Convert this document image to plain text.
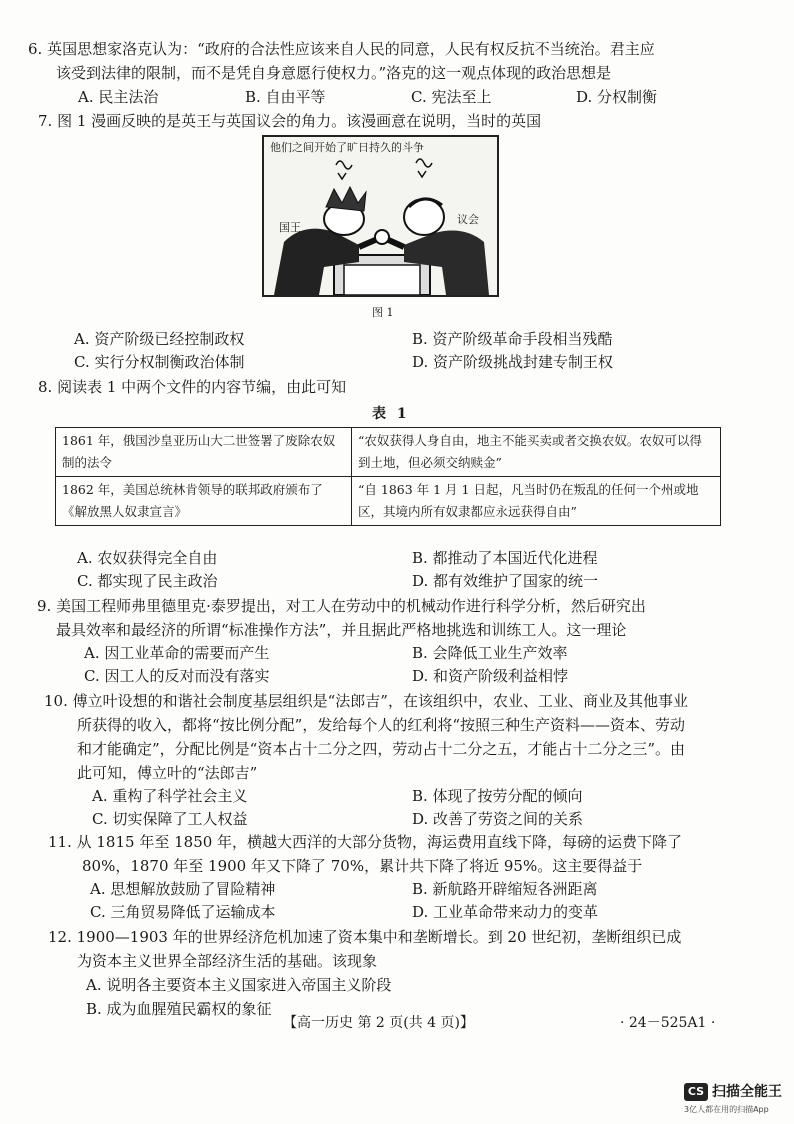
6. 英国思想家洛克认为：“政府的合法性应该来自人民的同意，人民有权反抗不当统治。君主应
该受到法律的限制，而不是凭自身意愿行使权力。”洛克的这一观点体现的政治思想是
A. 民主法治	B. 自由平等	C. 宪法至上	D. 分权制衡
7. 图 1 漫画反映的是英王与英国议会的角力。该漫画意在说明，当时的英国
他们之间开始了旷日持久的斗争
国王
议会
图 1
A. 资产阶级已经控制政权	B. 资产阶级革命手段相当残酷
C. 实行分权制衡政治体制	D. 资产阶级挑战封建专制王权
8. 阅读表 1 中两个文件的内容节编，由此可知
表 1
1861 年，俄国沙皇亚历山大二世签署了废除农奴制的法令	“农奴获得人身自由，地主不能买卖或者交换农奴。农奴可以得到土地，但必须交纳赎金”
1862 年，美国总统林肯领导的联邦政府颁布了《解放黑人奴隶宣言》	“自 1863 年 1 月 1 日起，凡当时仍在叛乱的任何一个州或地区，其境内所有奴隶都应永远获得自由”
A. 农奴获得完全自由	B. 都推动了本国近代化进程
C. 都实现了民主政治	D. 都有效维护了国家的统一
9. 美国工程师弗里德里克·泰罗提出，对工人在劳动中的机械动作进行科学分析，然后研究出
最具效率和最经济的所谓“标准操作方法”，并且据此严格地挑选和训练工人。这一理论
A. 因工业革命的需要而产生	B. 会降低工业生产效率
C. 因工人的反对而没有落实	D. 和资产阶级利益相悖
10. 傅立叶设想的和谐社会制度基层组织是“法郎吉”，在该组织中，农业、工业、商业及其他事业
所获得的收入，都将“按比例分配”，发给每个人的红利将“按照三种生产资料——资本、劳动
和才能确定”，分配比例是“资本占十二分之四，劳动占十二分之五，才能占十二分之三”。由
此可知，傅立叶的“法郎吉”
A. 重构了科学社会主义	B. 体现了按劳分配的倾向
C. 切实保障了工人权益	D. 改善了劳资之间的关系
11. 从 1815 年至 1850 年，横越大西洋的大部分货物，海运费用直线下降，每磅的运费下降了
80%，1870 年至 1900 年又下降了 70%，累计共下降了将近 95%。这主要得益于
A. 思想解放鼓励了冒险精神	B. 新航路开辟缩短各洲距离
C. 三角贸易降低了运输成本	D. 工业革命带来动力的变革
12. 1900—1903 年的世界经济危机加速了资本集中和垄断增长。到 20 世纪初，垄断组织已成
为资本主义世界全部经济生活的基础。该现象
A. 说明各主要资本主义国家进入帝国主义阶段
B. 成为血腥殖民霸权的象征
【高一历史 第 2 页(共 4 页)】	· 24－525A1 ·
CS 扫描全能王
3亿人都在用的扫描App
